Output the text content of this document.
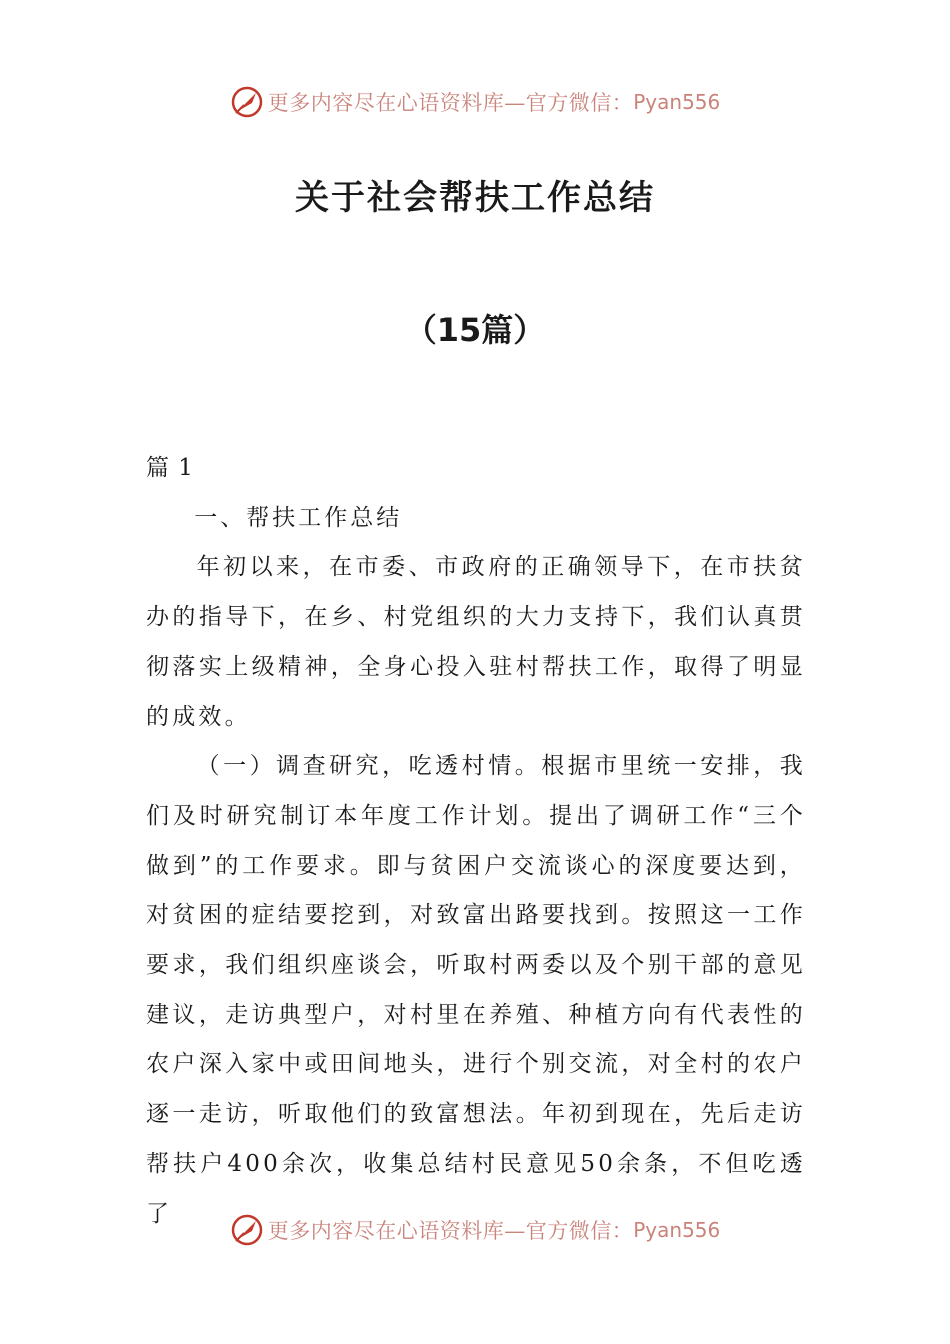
更多内容尽在心语资料库—官方微信： Pyan556
关于社会帮扶工作总结
（15篇）

篇 1

一、帮扶工作总结

年初以来，在市委、市政府的正确领导下，在市扶贫办的指导下，在乡、村党组织的大力支持下，我们认真贯彻落实上级精神，全身心投入驻村帮扶工作，取得了明显的成效。

（一）调查研究，吃透村情。根据市里统一安排，我们及时研究制订本年度工作计划。提出了调研工作“三个做到”的工作要求。即与贫困户交流谈心的深度要达到，对贫困的症结要挖到，对致富出路要找到。按照这一工作要求，我们组织座谈会，听取村两委以及个别干部的意见建议，走访典型户，对村里在养殖、种植方向有代表性的农户深入家中或田间地头，进行个别交流，对全村的农户逐一走访，听取他们的致富想法。年初到现在，先后走访帮扶户400余次，收集总结村民意见50余条，不但吃透了

更多内容尽在心语资料库—官方微信： Pyan556
